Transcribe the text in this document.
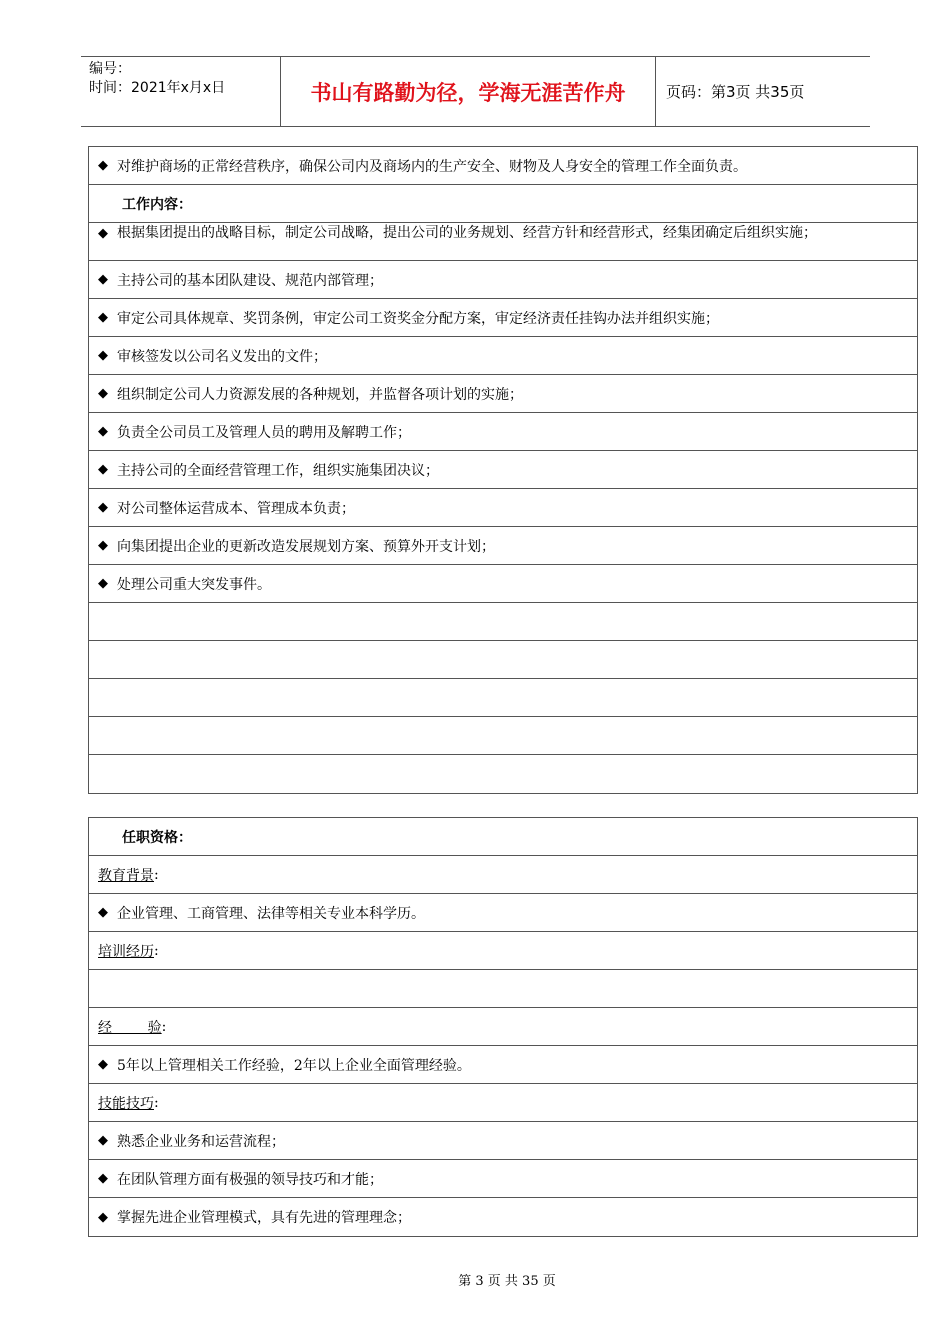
编号：
时间：2021年x月x日	书山有路勤为径，学海无涯苦作舟	页码：第3页 共35页
◆ 对维护商场的正常经营秩序，确保公司内及商场内的生产安全、财物及人身安全的管理工作全面负责。
工作内容：
◆ 根据集团提出的战略目标，制定公司战略，提出公司的业务规划、经营方针和经营形式，经集团确定后组织实施；
◆ 主持公司的基本团队建设、规范内部管理；
◆ 审定公司具体规章、奖罚条例，审定公司工资奖金分配方案，审定经济责任挂钩办法并组织实施；
◆ 审核签发以公司名义发出的文件；
◆ 组织制定公司人力资源发展的各种规划，并监督各项计划的实施；
◆ 负责全公司员工及管理人员的聘用及解聘工作；
◆ 主持公司的全面经营管理工作，组织实施集团决议；
◆ 对公司整体运营成本、管理成本负责；
◆ 向集团提出企业的更新改造发展规划方案、预算外开支计划；
◆ 处理公司重大突发事件。
任职资格：
教育背景 :
◆ 企业管理、工商管理、法律等相关专业本科学历。
培训经历 :
经        验 :
◆ 5年以上管理相关工作经验，2年以上企业全面管理经验。
技能技巧 :
◆ 熟悉企业业务和运营流程；
◆ 在团队管理方面有极强的领导技巧和才能；
◆ 掌握先进企业管理模式，具有先进的管理理念；
第 3 页 共 35 页
